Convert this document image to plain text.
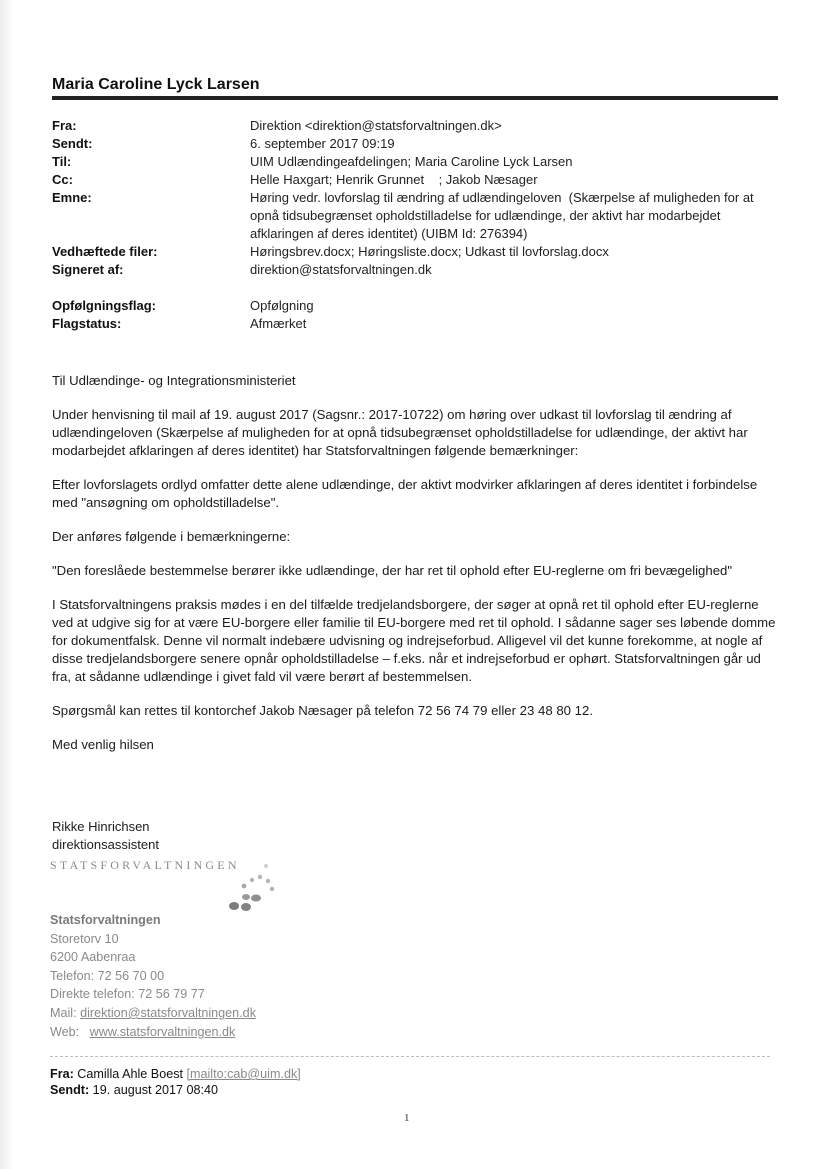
Maria Caroline Lyck Larsen
Fra:	Direktion <direktion@statsforvaltningen.dk>
Sendt:	6. september 2017 09:19
Til:	UIM Udlændingeafdelingen; Maria Caroline Lyck Larsen
Cc:	Helle Haxgart; Henrik Grunnet    ; Jakob Næsager
Emne:	Høring vedr. lovforslag til ændring af udlændingeloven  (Skærpelse af muligheden for at opnå tidsubegrænset opholdstilladelse for udlændinge, der aktivt har modarbejdet afklaringen af deres identitet) (UIBM Id: 276394)
Vedhæftede filer:	Høringsbrev.docx; Høringsliste.docx; Udkast til lovforslag.docx
Signeret af:	direktion@statsforvaltningen.dk
Opfølgningsflag:	Opfølgning
Flagstatus:	Afmærket

Til Udlændinge- og Integrationsministeriet

Under henvisning til mail af 19. august 2017 (Sagsnr.: 2017-10722) om høring over udkast til lovforslag til ændring af udlændingeloven (Skærpelse af muligheden for at opnå tidsubegrænset opholdstilladelse for udlændinge, der aktivt har modarbejdet afklaringen af deres identitet) har Statsforvaltningen følgende bemærkninger:

Efter lovforslagets ordlyd omfatter dette alene udlændinge, der aktivt modvirker afklaringen af deres identitet i forbindelse med "ansøgning om opholdstilladelse".

Der anføres følgende i bemærkningerne:

"Den foreslåede bestemmelse berører ikke udlændinge, der har ret til ophold efter EU-reglerne om fri bevægelighed"

I Statsforvaltningens praksis mødes i en del tilfælde tredjelandsborgere, der søger at opnå ret til ophold efter EU-reglerne ved at udgive sig for at være EU-borgere eller familie til EU-borgere med ret til ophold. I sådanne sager ses løbende domme for dokumentfalsk. Denne vil normalt indebære udvisning og indrejseforbud. Alligevel vil det kunne forekomme, at nogle af disse tredjelandsborgere senere opnår opholdstilladelse – f.eks. når et indrejseforbud er ophørt. Statsforvaltningen går ud fra, at sådanne udlændinge i givet fald vil være berørt af bestemmelsen.

Spørgsmål kan rettes til kontorchef Jakob Næsager på telefon 72 56 74 79 eller 23 48 80 12.

Med venlig hilsen

Rikke Hinrichsen
direktionsassistent
STATSFORVALTNINGEN
Statsforvaltningen
Storetorv 10
6200 Aabenraa
Telefon: 72 56 70 00
Direkte telefon: 72 56 79 77
Mail: direktion@statsforvaltningen.dk
Web:   www.statsforvaltningen.dk
Fra: Camilla Ahle Boest [mailto:cab@uim.dk]
Sendt: 19. august 2017 08:40
1
